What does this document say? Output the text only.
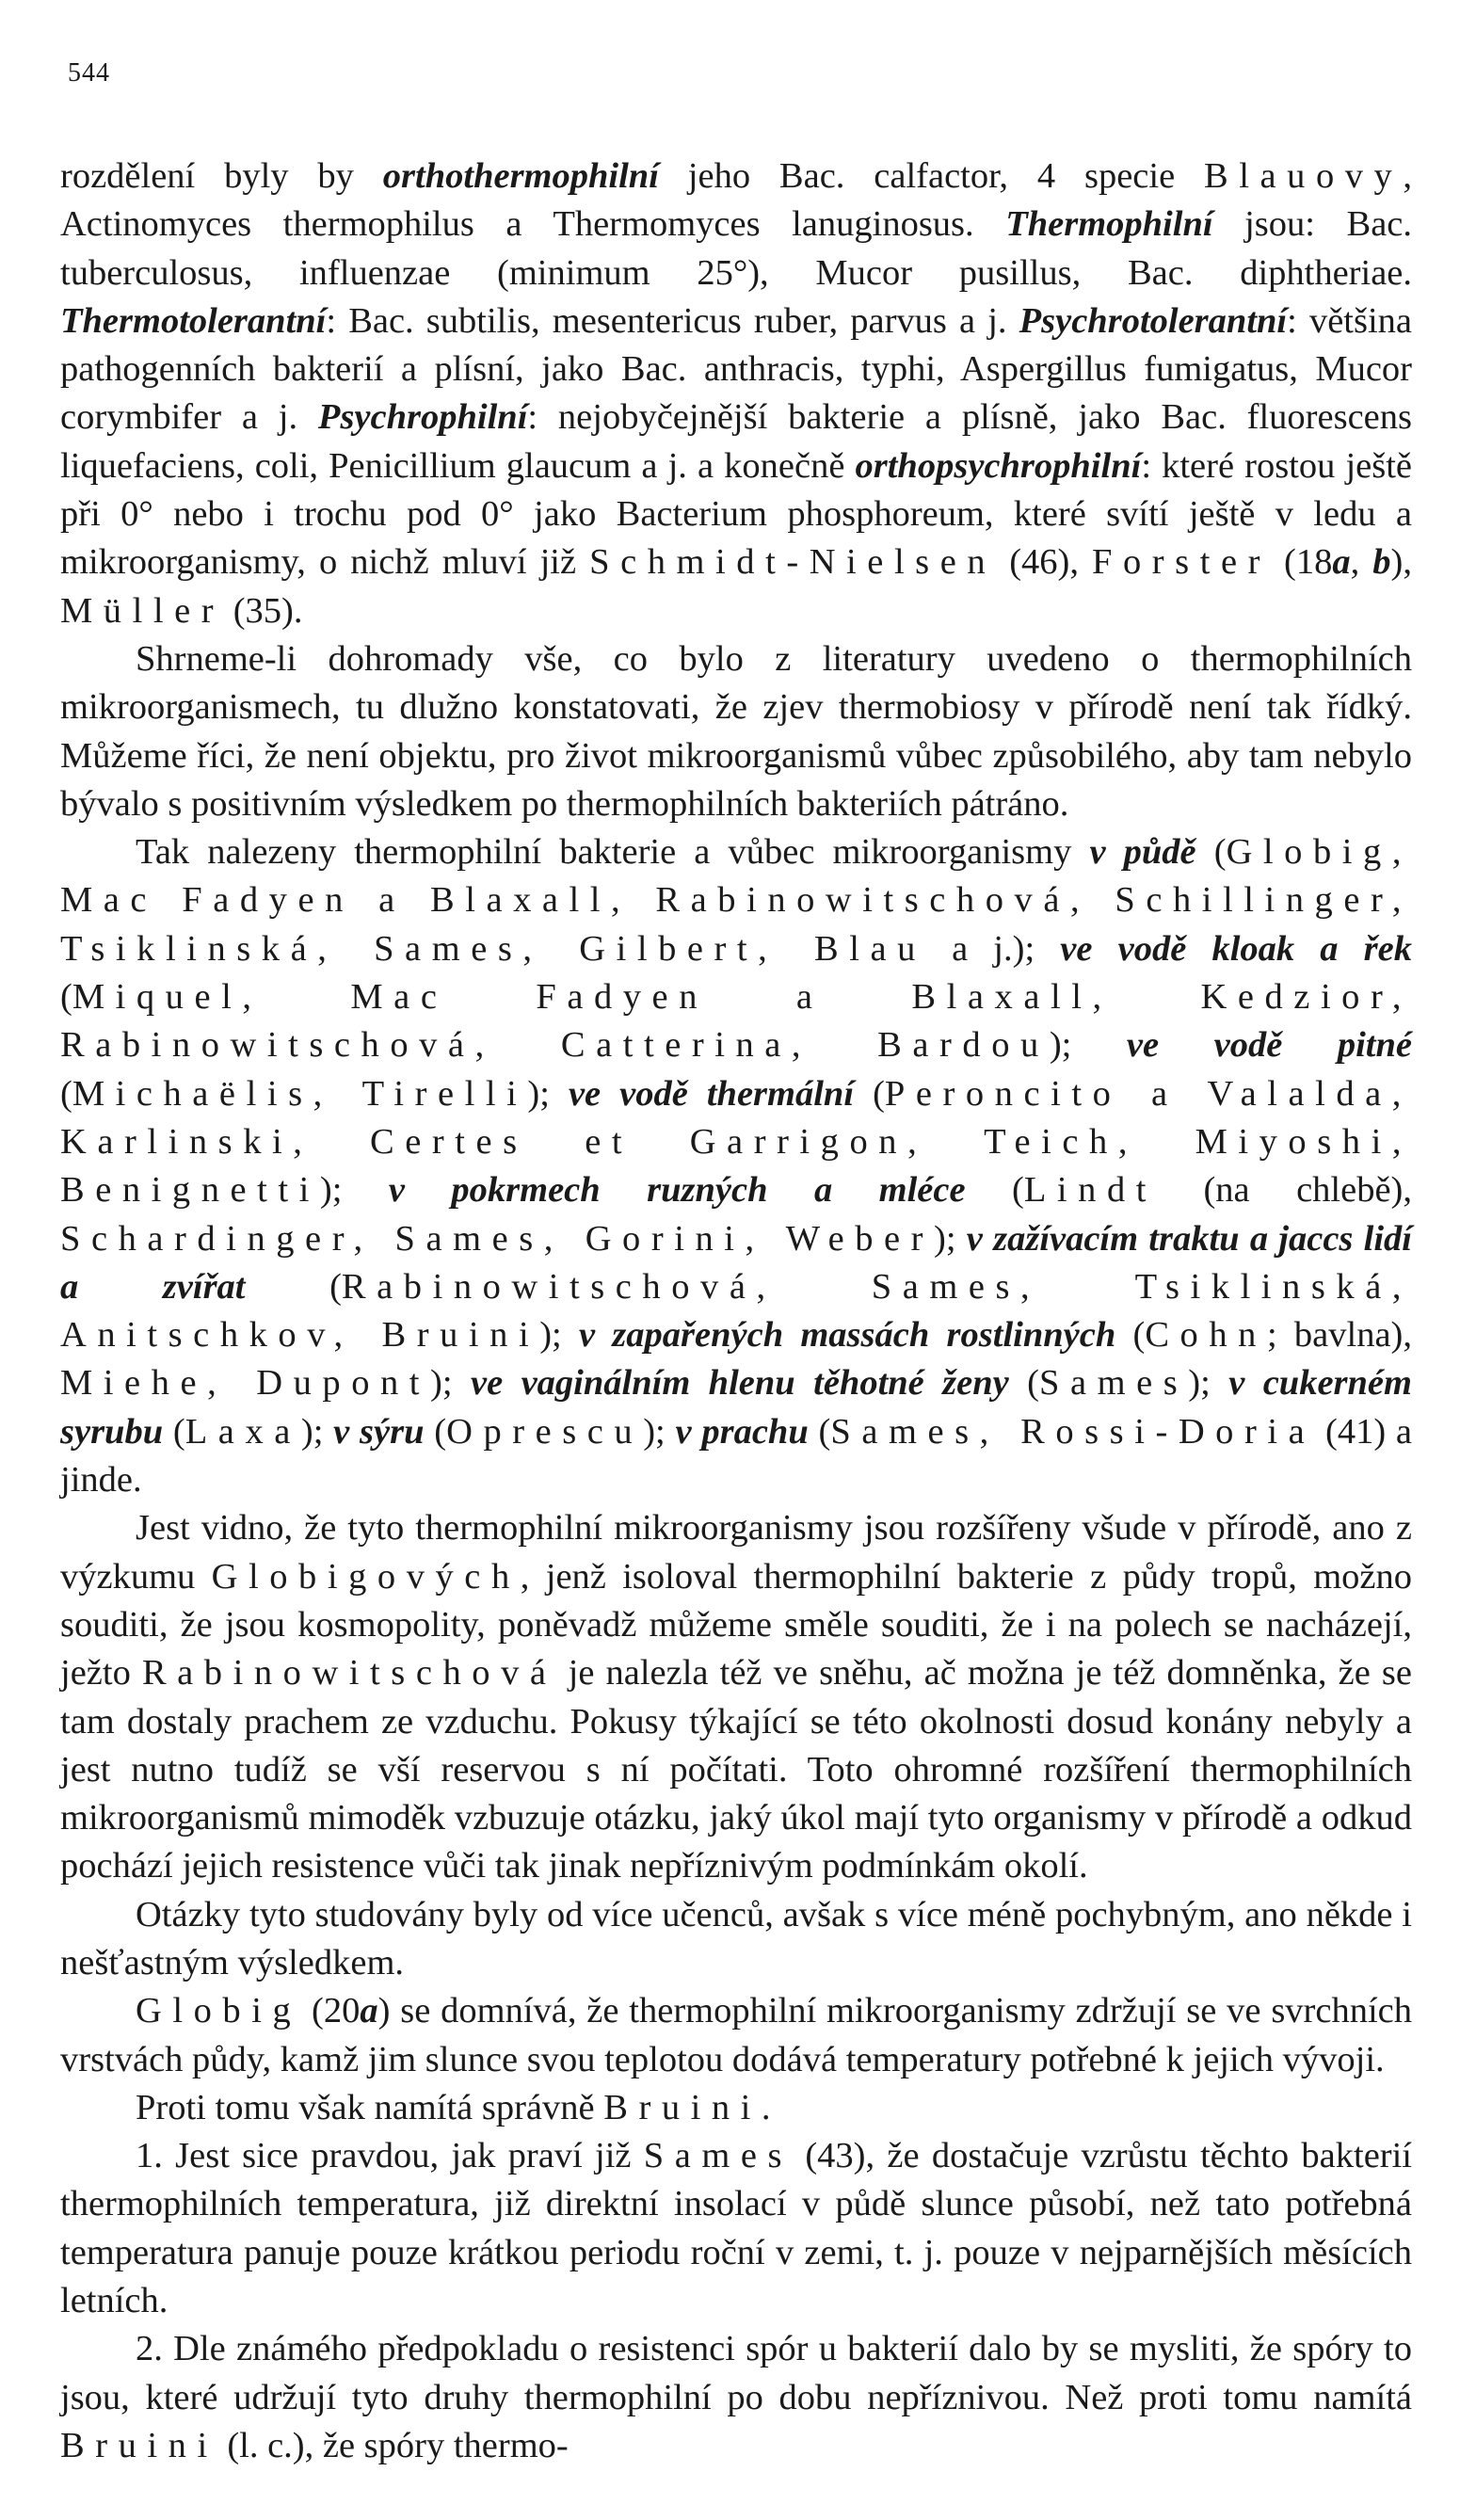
544

rozdělení byly by orthothermophilní jeho Bac. calfactor, 4 specie Blauovy, Actinomyces thermophilus a Thermomyces lanuginosus. Thermophilní jsou: Bac. tuberculosus, influenzae (minimum 25°), Mucor pusillus, Bac. diphtheriae. Thermotolerantní: Bac. subtilis, mesentericus ruber, parvus a j. Psychrotolerantní: většina pathogenních bakterií a plísní, jako Bac. anthracis, typhi, Aspergillus fumigatus, Mucor corymbifer a j. Psychrophilní: nejobyčejnější bakterie a plísně, jako Bac. fluorescens liquefaciens, coli, Penicillium glaucum a j. a konečně orthopsychrophilní: které rostou ještě při 0° nebo i trochu pod 0° jako Bacterium phosphoreum, které svítí ještě v ledu a mikroorganismy, o nichž mluví již Schmidt-Nielsen (46), Forster (18a, b), Müller (35).

Shrneme-li dohromady vše, co bylo z literatury uvedeno o thermophilních mikroorganismech, tu dlužno konstatovati, že zjev thermobiosy v přírodě není tak řídký. Můžeme říci, že není objektu, pro život mikroorganismů vůbec způsobilého, aby tam nebylo bývalo s positivním výsledkem po thermophilních bakteriích pátráno.

Tak nalezeny thermophilní bakterie a vůbec mikroorganismy v půdě (Globig, Mac Fadyen a Blaxall, Rabinowitschová, Schillinger, Tsiklinská, Sames, Gilbert, Blau a j.); ve vodě kloak a řek (Miquel, Mac Fadyen a Blaxall, Kedzior, Rabinowitschová, Catterina, Bardou); ve vodě pitné (Michaëlis, Tirelli); ve vodě thermální (Peroncito a Valalda, Karlinski, Certes et Garrigon, Teich, Miyoshi, Benignetti); v pokrmech ruzných a mléce (Lindt (na chlebě), Schardinger, Sames, Gorini, Weber); v zažívacím traktu a jaccs lidí a zvířat (Rabinowitschová, Sames, Tsiklinská, Anitschkov, Bruini); v zapařených massách rostlinných (Cohn; bavlna), Miehe, Dupont); ve vaginálním hlenu těhotné ženy (Sames); v cukerném syrubu (Laxa); v sýru (Oprescu); v prachu (Sames, Rossi-Doria (41) a jinde.

Jest vidno, že tyto thermophilní mikroorganismy jsou rozšířeny všude v přírodě, ano z výzkumu Globigových, jenž isoloval thermophilní bakterie z půdy tropů, možno souditi, že jsou kosmopolity, poněvadž můžeme směle souditi, že i na polech se nacházejí, ježto Rabinowitschová je nalezla též ve sněhu, ač možna je též domněnka, že se tam dostaly prachem ze vzduchu. Pokusy týkající se této okolnosti dosud konány nebyly a jest nutno tudíž se vší reservou s ní počítati. Toto ohromné rozšíření thermophilních mikroorganismů mimoděk vzbuzuje otázku, jaký úkol mají tyto organismy v přírodě a odkud pochází jejich resistence vůči tak jinak nepříznivým podmínkám okolí.

Otázky tyto studovány byly od více učenců, avšak s více méně pochybným, ano někde i nešťastným výsledkem.

Globig (20a) se domnívá, že thermophilní mikroorganismy zdržují se ve svrchních vrstvách půdy, kamž jim slunce svou teplotou dodává temperatury potřebné k jejich vývoji.

Proti tomu však namítá správně Bruini.

1. Jest sice pravdou, jak praví již Sames (43), že dostačuje vzrůstu těchto bakterií thermophilních temperatura, již direktní insolací v půdě slunce působí, než tato potřebná temperatura panuje pouze krátkou periodu roční v zemi, t. j. pouze v nejparnějších měsících letních.

2. Dle známého předpokladu o resistenci spór u bakterií dalo by se mysliti, že spóry to jsou, které udržují tyto druhy thermophilní po dobu nepříznivou. Než proti tomu namítá Bruini (l. c.), že spóry thermo-
